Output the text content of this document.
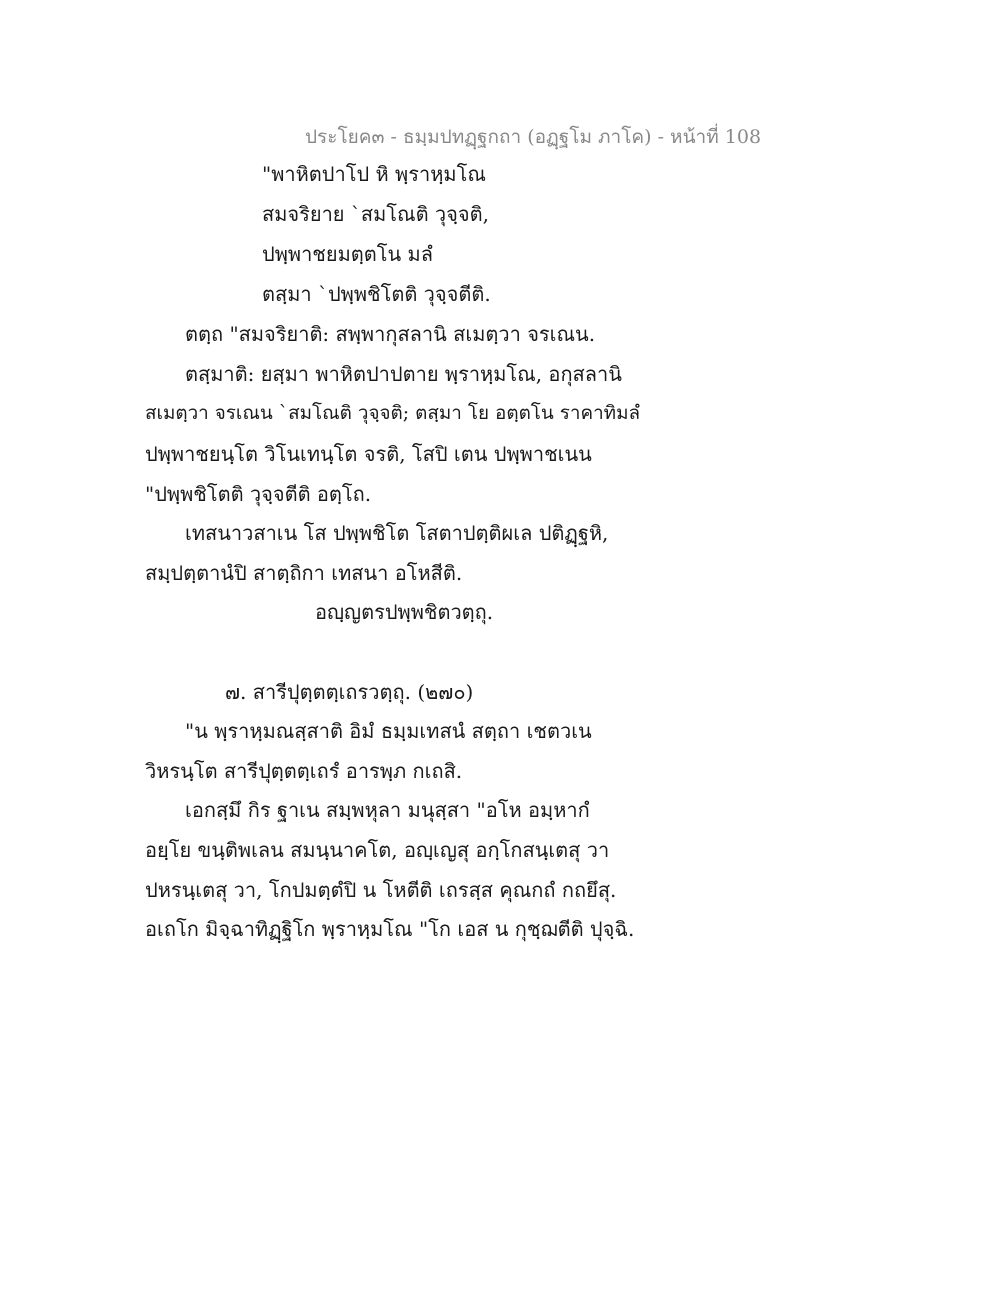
ประโยค๓ - ธมฺมปทฏฺฐกถา (อฏฺฐโม ภาโค) - หน้าที่ 108
"พาหิตปาโป หิ พฺราหฺมโณ
สมจริยาย `สมโณติ วุจฺจติ,
ปพฺพาชยมตฺตโน มลํ
ตสฺมา `ปพฺพชิโตติ วุจฺจตีติ.
ตตฺถ "สมจริยาติ: สพฺพากุสลานิ สเมตฺวา จรเณน.
ตสฺมาติ: ยสฺมา พาหิตปาปตาย พฺราหฺมโณ, อกุสลานิ
สเมตฺวา จรเณน `สมโณติ วุจฺจติ; ตสฺมา โย อตฺตโน ราคาทิมลํ
ปพฺพาชยนฺโต วิโนเทนฺโต จรติ, โสปิ เตน ปพฺพาชเนน
"ปพฺพชิโตติ วุจฺจตีติ อตฺโถ.
เทสนาวสาเน โส ปพฺพชิโต โสตาปตฺติผเล ปติฏฺฐหิ,
สมฺปตฺตานํปิ สาตฺถิกา เทสนา อโหสีติ.
อญฺญตรปพฺพชิตวตฺถุ.
๗. สารีปุตฺตตฺเถรวตฺถุ. (๒๗๐)
"น พฺราหฺมณสฺสาติ อิมํ ธมฺมเทสนํ สตฺถา เชตวเน
วิหรนฺโต สารีปุตฺตตฺเถรํ อารพฺภ กเถสิ.
เอกสฺมึ กิร ฐาเน สมฺพหุลา มนุสฺสา "อโห อมฺหากํ
อยฺโย ขนฺติพเลน สมนฺนาคโต, อญฺเญสุ อกฺโกสนฺเตสุ วา
ปหรนฺเตสุ วา, โกปมตฺตํปิ น โหตีติ เถรสฺส คุณกถํ กถยึสุ.
อเถโก มิจฺฉาทิฏฺฐิโก พฺราหฺมโณ "โก เอส น กุชฺฌตีติ ปุจฺฉิ.
